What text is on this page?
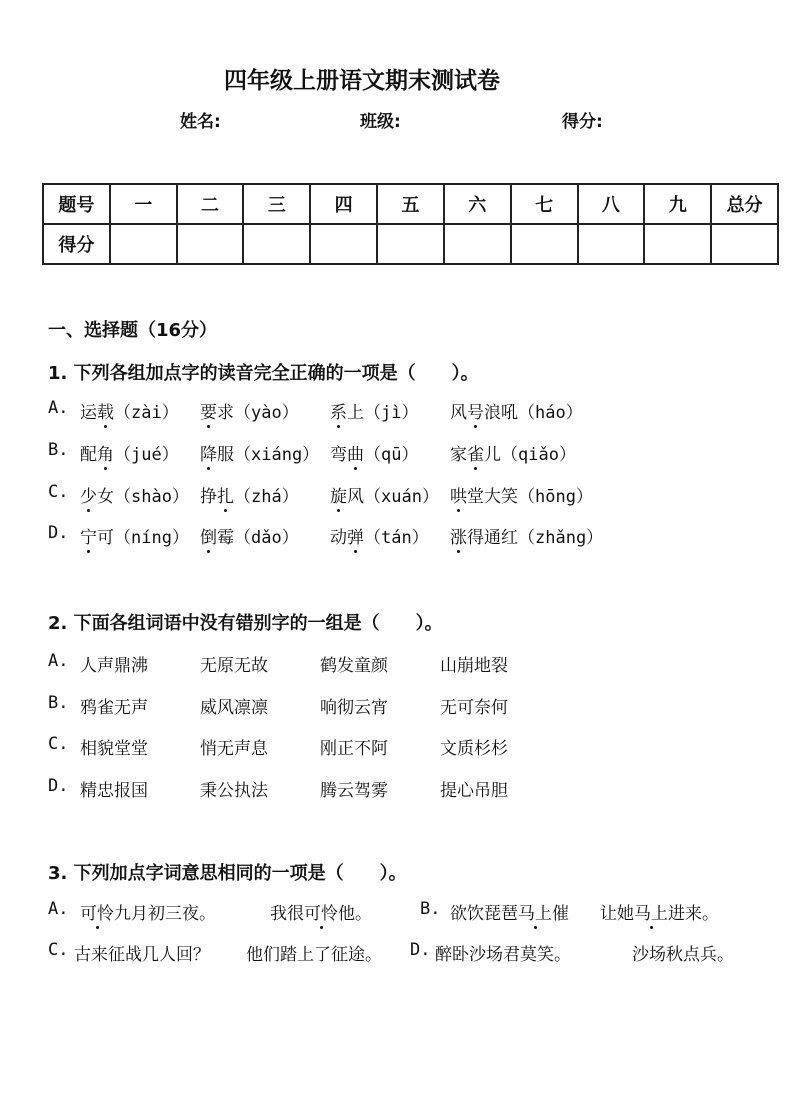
四年级上册语文期末测试卷
姓名:	班级:	得分:
题号	一	二	三	四	五	六	七	八	九	总分
得分										
一、选择题（16分）
1. 下列各组加点字的读音完全正确的一项是（　　）。
A. 运载（zài） 要求（yào） 系上（jì） 风号浪吼（háo）
B. 配角（jué） 降服（xiáng） 弯曲（qū） 家雀儿（qiǎo）
C. 少女（shào） 挣扎（zhá） 旋风（xuán） 哄堂大笑（hōng）
D. 宁可（níng） 倒霉（dǎo） 动弹（tán） 涨得通红（zhǎng）
2. 下面各组词语中没有错别字的一组是（　　）。
A. 人声鼎沸	无原无故	鹤发童颜	山崩地裂
B. 鸦雀无声	威风凛凛	响彻云宵	无可奈何
C. 相貌堂堂	悄无声息	刚正不阿	文质杉杉
D. 精忠报国	秉公执法	腾云驾雾	提心吊胆
3. 下列加点字词意思相同的一项是（　　）。
A. 可怜九月初三夜。	我很可怜他。	B. 欲饮琵琶马上催 让她马上进来。
C. 古来征战几人回？ 他们踏上了征途。 D. 醉卧沙场君莫笑。	沙场秋点兵。
